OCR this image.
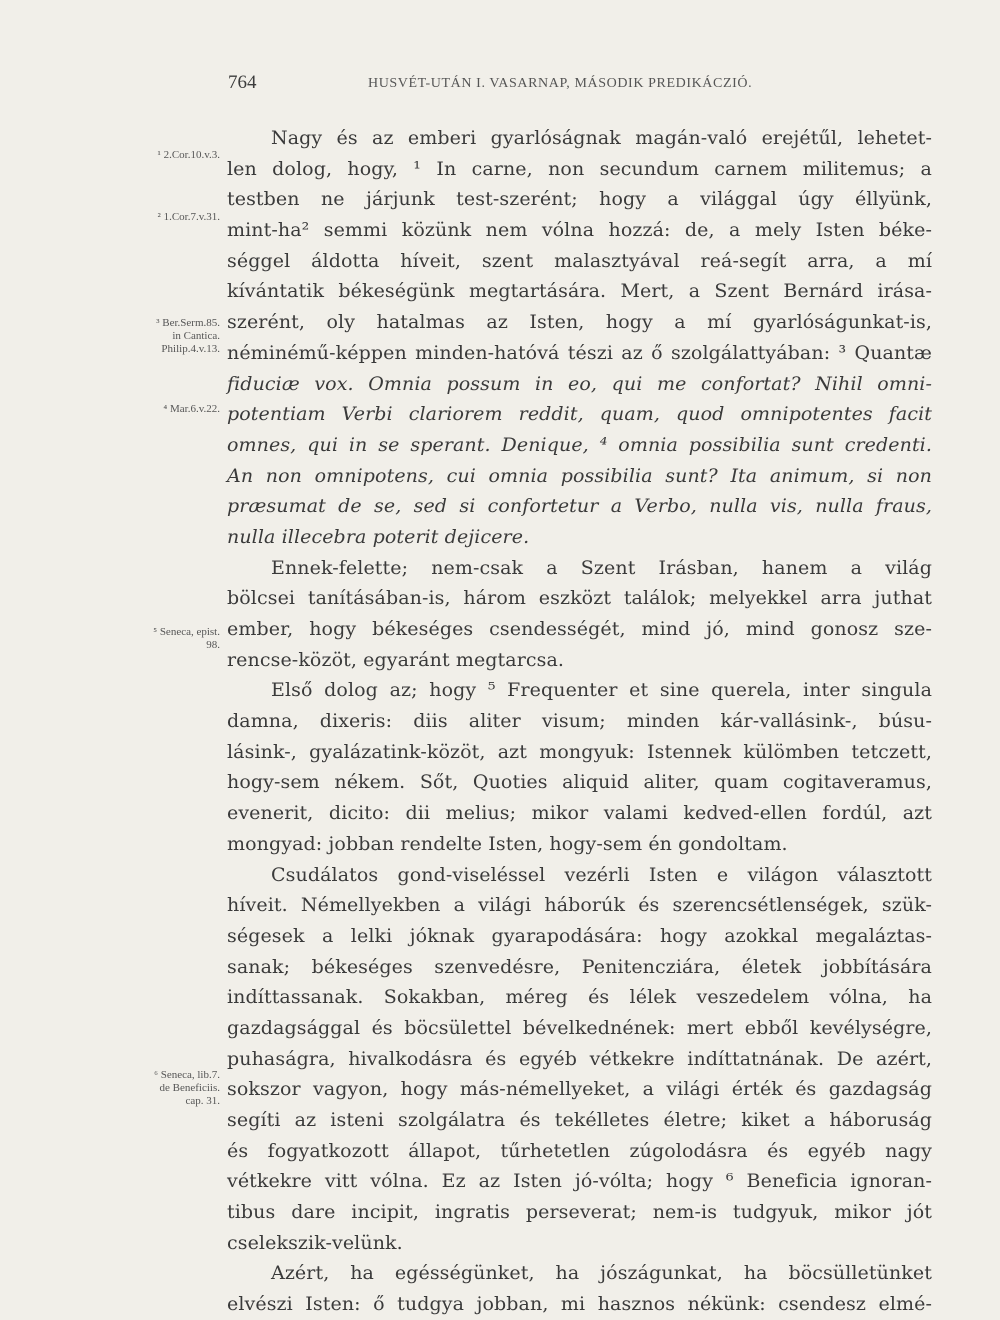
764	HUSVÉT-UTÁN I. VASARNAP, MÁSODIK PREDIKÁCZIÓ.
¹ 2.Cor.10.v.3.
² 1.Cor.7.v.31.
³ Ber.Serm.85.
in Cantica.
Philip.4.v.13.
⁴ Mar.6.v.22.
⁵ Seneca, epist.
98.
⁶ Seneca, lib.7.
de Beneficiis.
cap. 31.
Nagy és az emberi gyarlóságnak magán-való erejétűl, lehetet-
len dolog, hogy, ¹ In carne, non secundum carnem militemus; a
testben ne járjunk test-szerént; hogy a világgal úgy éllyünk,
mint-ha² semmi közünk nem vólna hozzá: de, a mely Isten béke-
séggel áldotta híveit, szent malasztyával reá-segít arra, a mí
kívántatik békeségünk megtartására. Mert, a Szent Bernárd irása-
szerént, oly hatalmas az Isten, hogy a mí gyarlóságunkat-is,
néminémű-képpen minden-hatóvá tészi az ő szolgálattyában: ³ Quantæ
fiduciæ vox. Omnia possum in eo, qui me confortat? Nihil omni-
potentiam Verbi clariorem reddit, quam, quod omnipotentes facit
omnes, qui in se sperant. Denique, ⁴ omnia possibilia sunt credenti.
An non omnipotens, cui omnia possibilia sunt? Ita animum, si non
præsumat de se, sed si confortetur a Verbo, nulla vis, nulla fraus,
nulla illecebra poterit dejicere.
Ennek-felette; nem-csak a Szent Irásban, hanem a világ
bölcsei tanításában-is, három eszközt találok; melyekkel arra juthat
ember, hogy békeséges csendességét, mind jó, mind gonosz sze-
rencse-közöt, egyaránt megtarcsa.
Első dolog az; hogy ⁵ Frequenter et sine querela, inter singula
damna, dixeris: diis aliter visum; minden kár-vallásink-, búsu-
lásink-, gyalázatink-közöt, azt mongyuk: Istennek külömben tetczett,
hogy-sem nékem. Sőt, Quoties aliquid aliter, quam cogitaveramus,
evenerit, dicito: dii melius; mikor valami kedved-ellen fordúl, azt
mongyad: jobban rendelte Isten, hogy-sem én gondoltam.
Csudálatos gond-viseléssel vezérli Isten e világon választott
híveit. Némellyekben a világi háborúk és szerencsétlenségek, szük-
ségesek a lelki jóknak gyarapodására: hogy azokkal megaláztas-
sanak; békeséges szenvedésre, Penitencziára, életek jobbítására
indíttassanak. Sokakban, méreg és lélek veszedelem vólna, ha
gazdagsággal és böcsülettel bévelkednének: mert ebből kevélységre,
puhaságra, hivalkodásra és egyéb vétkekre indíttatnának. De azért,
sokszor vagyon, hogy más-némellyeket, a világi érték és gazdagság
segíti az isteni szolgálatra és tekélletes életre; kiket a háboruság
és fogyatkozott állapot, tűrhetetlen zúgolodásra és egyéb nagy
vétkekre vitt vólna. Ez az Isten jó-vólta; hogy ⁶ Beneficia ignoran-
tibus dare incipit, ingratis perseverat; nem-is tudgyuk, mikor jót
cselekszik-velünk.
Azért, ha egésségünket, ha jószágunkat, ha böcsülletünket
elvészi Isten: ő tudgya jobban, mi hasznos nékünk: csendesz elmé-
